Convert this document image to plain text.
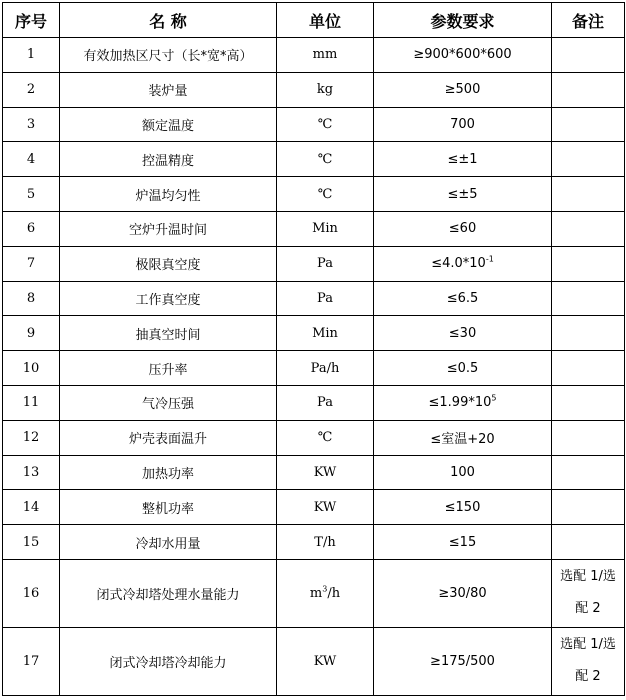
序号	名 称	单位	参数要求	备注
1	有效加热区尺寸（长*宽*高）	mm	≥900*600*600	
2	装炉量	kg	≥500	
3	额定温度	℃	700	
4	控温精度	℃	≤±1	
5	炉温均匀性	℃	≤±5	
6	空炉升温时间	Min	≤60	
7	极限真空度	Pa	$\le 4.0*10^{-1}$	
8	工作真空度	Pa	≤6.5	
9	抽真空时间	Min	≤30	
10	压升率	Pa/h	≤0.5	
11	气冷压强	Pa	$\le 1.99*10^5$	
12	炉壳表面温升	℃	≤室温+20	
13	加热功率	KW	100	
14	整机功率	KW	≤150	
15	冷却水用量	T/h	≤15	
16	闭式冷却塔处理水量能力	$m^3/h$	≥30/80	选配 1/选配 2
17	闭式冷却塔冷却能力	KW	≥175/500	选配 1/选配 2
